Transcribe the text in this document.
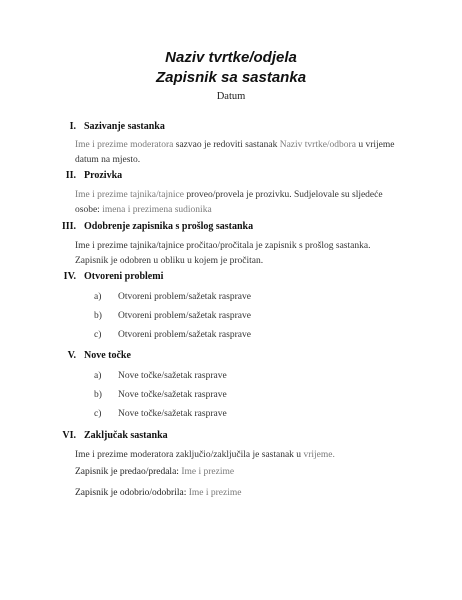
Naziv tvrtke/odjela
Zapisnik sa sastanka
Datum
I. Sazivanje sastanka
Ime i prezime moderatora sazvao je redoviti sastanak Naziv tvrtke/odbora u vrijeme datum na mjesto.
II. Prozivka
Ime i prezime tajnika/tajnice proveo/provela je prozivku. Sudjelovale su sljedeće osobe: imena i prezimena sudionika
III. Odobrenje zapisnika s prošlog sastanka
Ime i prezime tajnika/tajnice pročitao/pročitala je zapisnik s prošlog sastanka. Zapisnik je odobren u obliku u kojem je pročitan.
IV. Otvoreni problemi
a) Otvoreni problem/sažetak rasprave
b) Otvoreni problem/sažetak rasprave
c) Otvoreni problem/sažetak rasprave
V. Nove točke
a) Nove točke/sažetak rasprave
b) Nove točke/sažetak rasprave
c) Nove točke/sažetak rasprave
VI. Zaključak sastanka
Ime i prezime moderatora zaključio/zaključila je sastanak u vrijeme.
Zapisnik je predao/predala: Ime i prezime
Zapisnik je odobrio/odobrila: Ime i prezime
